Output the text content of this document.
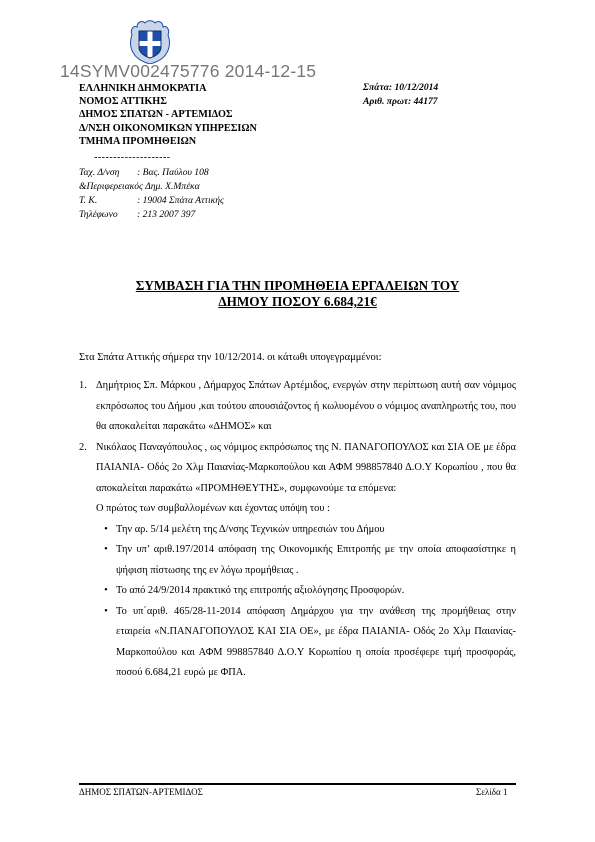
14SYMV002475776 2014-12-15
ΕΛΛΗΝΙΚΗ ΔΗΜΟΚΡΑΤΙΑ
ΝΟΜΟΣ ΑΤΤΙΚΗΣ
ΔΗΜΟΣ ΣΠΑΤΩΝ - ΑΡΤΕΜΙΔΟΣ
Δ/ΝΣΗ ΟΙΚΟΝΟΜΙΚΩΝ ΥΠΗΡΕΣΙΩΝ
ΤΜΗΜΑ ΠΡΟΜΗΘΕΙΩΝ
--------------------
Ταχ. Δ/νση	: Βας. Παύλου 108
&Περιφερειακός Δημ. Χ.Μπέκα
Τ. Κ.	: 19004 Σπάτα Αττικής
Τηλέφωνο	: 213 2007 397
Σπάτα: 10/12/2014
Αριθ. πρωτ: 44177
ΣΥΜΒΑΣΗ ΓΙΑ ΤΗΝ ΠΡΟΜΗΘΕΙΑ ΕΡΓΑΛΕΙΩΝ ΤΟΥ
ΔΗΜΟΥ ΠΟΣΟΥ 6.684,21€
Στα Σπάτα Αττικής σήμερα την 10/12/2014. οι κάτωθι υπογεγραμμένοι:
1. Δημήτριος Σπ. Μάρκου , Δήμαρχος Σπάτων Αρτέμιδος, ενεργών στην περίπτωση αυτή σαν νόμιμος εκπρόσωπος του Δήμου ,και τούτου απουσιάζοντος ή κωλυομένου ο νόμιμος αναπληρωτής του, που θα αποκαλείται παρακάτω «ΔΗΜΟΣ» και
2. Νικόλαος Παναγόπουλος , ως νόμιμος εκπρόσωπος της Ν. ΠΑΝΑΓΟΠΟΥΛΟΣ και ΣΙΑ ΟΕ με έδρα ΠΑΙΑΝΙΑ- Οδός 2ο Χλμ Παιανίας-Μαρκοπούλου και ΑΦΜ 998857840 Δ.Ο.Υ Κορωπίου , που θα αποκαλείται παρακάτω «ΠΡΟΜΗΘΕΥΤΗΣ», συμφωνούμε τα επόμενα:
Ο πρώτος των συμβαλλομένων και έχοντας υπόψη του :
• Την αρ. 5/14 μελέτη της Δ/νσης Τεχνικών υπηρεσιών του Δήμου
• Την υπ’ αριθ.197/2014 απόφαση της Οικονομικής Επιτροπής με την οποία αποφασίστηκε η ψήφιση πίστωσης της εν λόγω προμήθειας .
• Το από 24/9/2014 πρακτικό της επιτροπής αξιολόγησης Προσφορών.
• Το υπ΄αριθ. 465/28-11-2014 απόφαση Δημάρχου για την ανάθεση της προμήθειας στην εταιρεία «Ν.ΠΑΝΑΓΟΠΟΥΛΟΣ ΚΑΙ ΣΙΑ ΟΕ», με έδρα ΠΑΙΑΝΙΑ- Οδός 2ο Χλμ Παιανίας-Μαρκοπούλου και ΑΦΜ 998857840 Δ.Ο.Υ Κορωπίου η οποία προσέφερε τιμή προσφοράς, ποσού 6.684,21 ευρώ με ΦΠΑ.
ΔΗΜΟΣ ΣΠΑΤΩΝ-ΑΡΤΕΜΙΔΟΣ	Σελίδα 1
